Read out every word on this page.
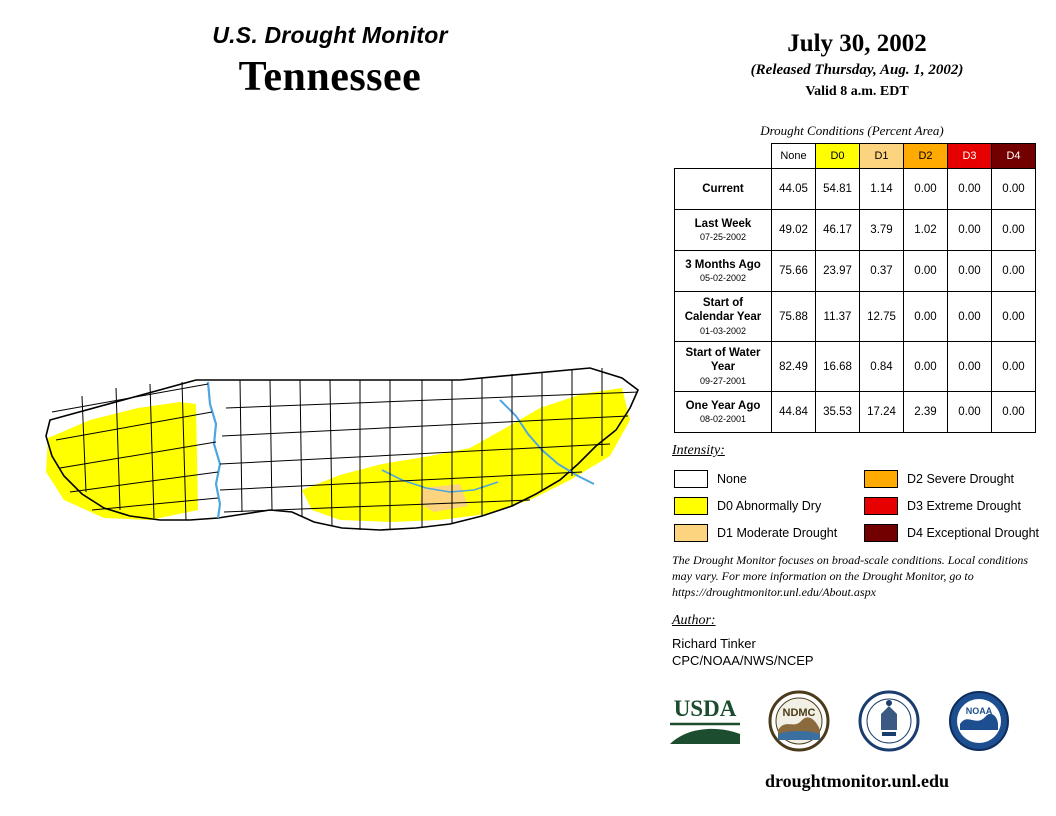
U.S. Drought Monitor
Tennessee
July 30, 2002
(Released Thursday, Aug. 1, 2002)
Valid 8 a.m. EDT
Drought Conditions (Percent Area)
	None	D0	D1	D2	D3	D4
Current	44.05	54.81	1.14	0.00	0.00	0.00
Last Week
07-25-2002	49.02	46.17	3.79	1.02	0.00	0.00
3 Months Ago
05-02-2002	75.66	23.97	0.37	0.00	0.00	0.00
Start of Calendar Year
01-03-2002	75.88	11.37	12.75	0.00	0.00	0.00
Start of Water Year
09-27-2001	82.49	16.68	0.84	0.00	0.00	0.00
One Year Ago
08-02-2001	44.84	35.53	17.24	2.39	0.00	0.00
Intensity:
None
D0 Abnormally Dry
D1 Moderate Drought
D2 Severe Drought
D3 Extreme Drought
D4 Exceptional Drought
The Drought Monitor focuses on broad-scale conditions. Local conditions may vary. For more information on the Drought Monitor, go to https://droughtmonitor.unl.edu/About.aspx
Author:
Richard Tinker
CPC/NOAA/NWS/NCEP
USDA	NDMC	NOAA
droughtmonitor.unl.edu
